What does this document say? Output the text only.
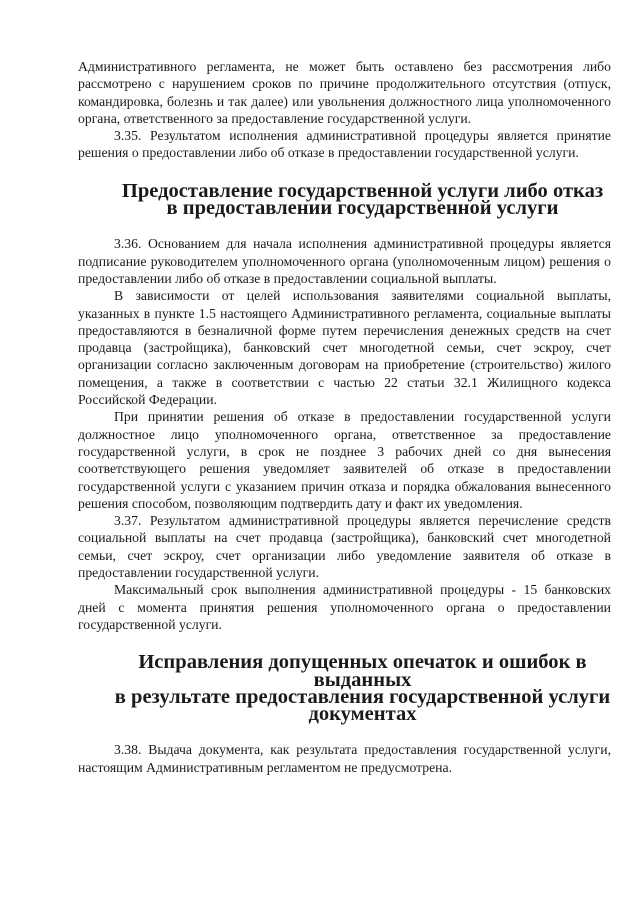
Административного регламента, не может быть оставлено без рассмотрения либо рассмотрено с нарушением сроков по причине продолжительного отсутствия (отпуск, командировка, болезнь и так далее) или увольнения должностного лица уполномоченного органа, ответственного за предоставление государственной услуги.

3.35. Результатом исполнения административной процедуры является принятие решения о предоставлении либо об отказе в предоставлении государственной услуги.

Предоставление государственной услуги либо отказ
в предоставлении государственной услуги

3.36. Основанием для начала исполнения административной процедуры является подписание руководителем уполномоченного органа (уполномоченным лицом) решения о предоставлении либо об отказе в предоставлении социальной выплаты.

В зависимости от целей использования заявителями социальной выплаты, указанных в пункте 1.5 настоящего Административного регламента, социальные выплаты предоставляются в безналичной форме путем перечисления денежных средств на счет продавца (застройщика), банковский счет многодетной семьи, счет эскроу, счет организации согласно заключенным договорам на приобретение (строительство) жилого помещения, а также в соответствии с частью 22 статьи 32.1 Жилищного кодекса Российской Федерации.

При принятии решения об отказе в предоставлении государственной услуги должностное лицо уполномоченного органа, ответственное за предоставление государственной услуги, в срок не позднее 3 рабочих дней со дня вынесения соответствующего решения уведомляет заявителей об отказе в предоставлении государственной услуги с указанием причин отказа и порядка обжалования вынесенного решения способом, позволяющим подтвердить дату и факт их уведомления.

3.37. Результатом административной процедуры является перечисление средств социальной выплаты на счет продавца (застройщика), банковский счет многодетной семьи, счет эскроу, счет организации либо уведомление заявителя об отказе в предоставлении государственной услуги.

Максимальный срок выполнения административной процедуры - 15 банковских дней с момента принятия решения уполномоченного органа о предоставлении государственной услуги.

Исправления допущенных опечаток и ошибок в выданных
в результате предоставления государственной услуги
документах

3.38. Выдача документа, как результата предоставления государственной услуги, настоящим Административным регламентом не предусмотрена.
